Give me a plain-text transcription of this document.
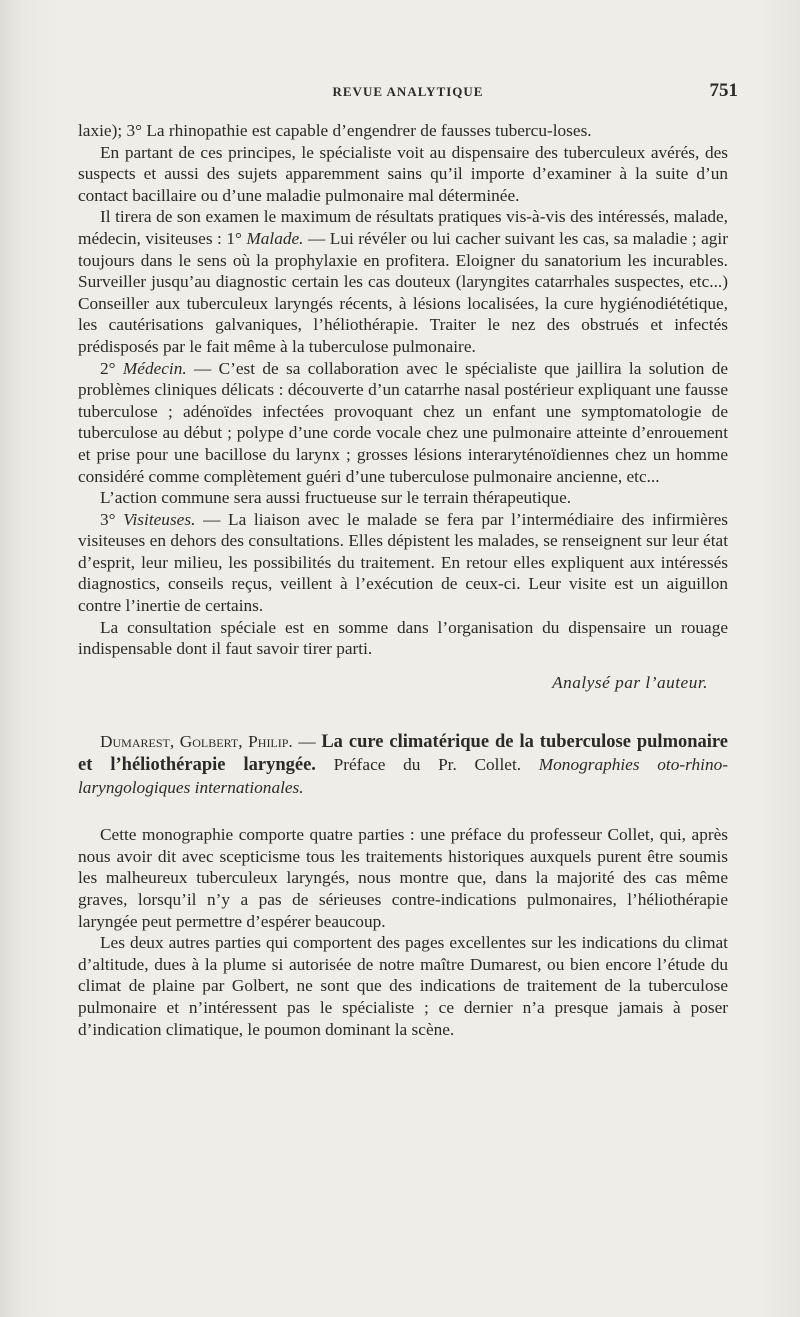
REVUE ANALYTIQUE	751

laxie); 3° La rhinopathie est capable d’engendrer de fausses tubercu-loses.

En partant de ces principes, le spécialiste voit au dispensaire des tuberculeux avérés, des suspects et aussi des sujets apparemment sains qu’il importe d’examiner à la suite d’un contact bacillaire ou d’une maladie pulmonaire mal déterminée.

Il tirera de son examen le maximum de résultats pratiques vis-à-vis des intéressés, malade, médecin, visiteuses : 1° Malade. — Lui révéler ou lui cacher suivant les cas, sa maladie ; agir toujours dans le sens où la prophylaxie en profitera. Eloigner du sanatorium les incurables. Surveiller jusqu’au diagnostic certain les cas douteux (laryngites catarrhales suspectes, etc...) Conseiller aux tuberculeux laryngés récents, à lésions localisées, la cure hygiénodiététique, les cautérisations galvaniques, l’héliothérapie. Traiter le nez des obstrués et infectés prédisposés par le fait même à la tuberculose pulmonaire.

2° Médecin. — C’est de sa collaboration avec le spécialiste que jaillira la solution de problèmes cliniques délicats : découverte d’un catarrhe nasal postérieur expliquant une fausse tuberculose ; adénoïdes infectées provoquant chez un enfant une symptomatologie de tuberculose au début ; polype d’une corde vocale chez une pulmonaire atteinte d’enrouement et prise pour une bacillose du larynx ; grosses lésions interaryténoïdiennes chez un homme considéré comme complètement guéri d’une tuberculose pulmonaire ancienne, etc...

L’action commune sera aussi fructueuse sur le terrain thérapeutique.

3° Visiteuses. — La liaison avec le malade se fera par l’intermédiaire des infirmières visiteuses en dehors des consultations. Elles dépistent les malades, se renseignent sur leur état d’esprit, leur milieu, les possibilités du traitement. En retour elles expliquent aux intéressés diagnostics, conseils reçus, veillent à l’exécution de ceux-ci. Leur visite est un aiguillon contre l’inertie de certains.

La consultation spéciale est en somme dans l’organisation du dispensaire un rouage indispensable dont il faut savoir tirer parti.

Analysé par l’auteur.

Dumarest, Golbert, Philip. — La cure climatérique de la tuberculose pulmonaire et l’héliothérapie laryngée. Préface du Pr. Collet. Monographies oto-rhino-laryngologiques internationales.

Cette monographie comporte quatre parties : une préface du professeur Collet, qui, après nous avoir dit avec scepticisme tous les traitements historiques auxquels purent être soumis les malheureux tuberculeux laryngés, nous montre que, dans la majorité des cas même graves, lorsqu’il n’y a pas de sérieuses contre-indications pulmonaires, l’héliothérapie laryngée peut permettre d’espérer beaucoup.

Les deux autres parties qui comportent des pages excellentes sur les indications du climat d’altitude, dues à la plume si autorisée de notre maître Dumarest, ou bien encore l’étude du climat de plaine par Golbert, ne sont que des indications de traitement de la tuberculose pulmonaire et n’intéressent pas le spécialiste ; ce dernier n’a presque jamais à poser d’indication climatique, le poumon dominant la scène.
